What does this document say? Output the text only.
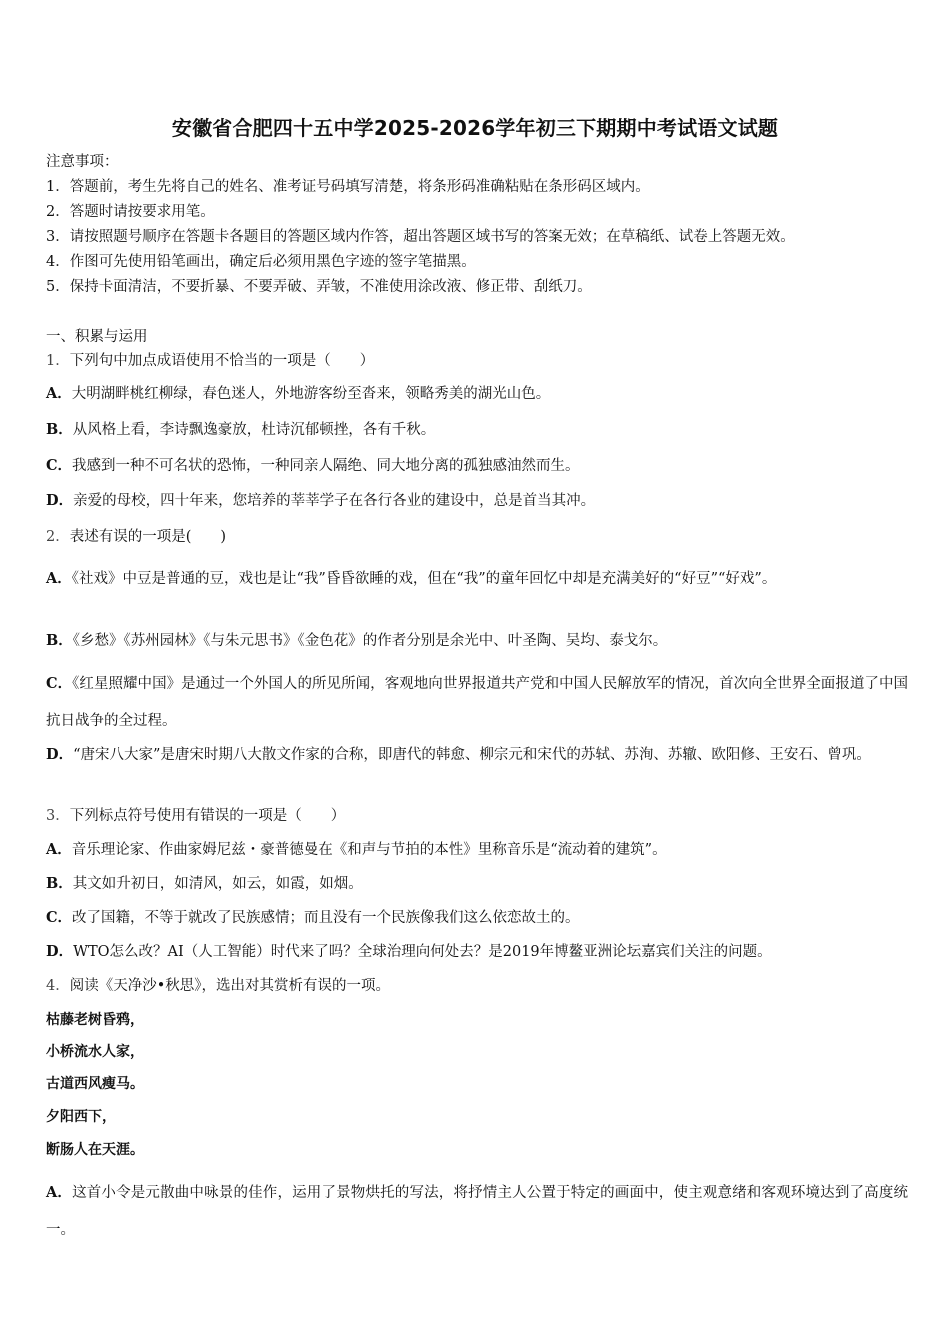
安徽省合肥四十五中学2025-2026学年初三下期期中考试语文试题
注意事项：
1．答题前，考生先将自己的姓名、准考证号码填写清楚，将条形码准确粘贴在条形码区域内。
2．答题时请按要求用笔。
3．请按照题号顺序在答题卡各题目的答题区域内作答，超出答题区域书写的答案无效；在草稿纸、试卷上答题无效。
4．作图可先使用铅笔画出，确定后必须用黑色字迹的签字笔描黑。
5．保持卡面清洁，不要折暴、不要弄破、弄皱，不准使用涂改液、修正带、刮纸刀。
一、积累与运用
1．下列句中加点成语使用不恰当的一项是（　　）
A．大明湖畔桃红柳绿，春色迷人，外地游客纷至沓来，领略秀美的湖光山色。
B．从风格上看，李诗飘逸豪放，杜诗沉郁顿挫，各有千秋。
C．我感到一种不可名状的恐怖，一种同亲人隔绝、同大地分离的孤独感油然而生。
D．亲爱的母校，四十年来，您培养的莘莘学子在各行各业的建设中，总是首当其冲。
2．表述有误的一项是(　　)
A．《社戏》中豆是普通的豆，戏也是让“我”昏昏欲睡的戏，但在“我”的童年回忆中却是充满美好的“好豆”“好戏”。
B．《乡愁》《苏州园林》《与朱元思书》《金色花》的作者分别是余光中、叶圣陶、吴均、泰戈尔。
C．《红星照耀中国》是通过一个外国人的所见所闻，客观地向世界报道共产党和中国人民解放军的情况，首次向全世界全面报道了中国抗日战争的全过程。
D．“唐宋八大家”是唐宋时期八大散文作家的合称，即唐代的韩愈、柳宗元和宋代的苏轼、苏洵、苏辙、欧阳修、王安石、曾巩。
3．下列标点符号使用有错误的一项是（　　）
A．音乐理论家、作曲家姆尼兹・豪普德曼在《和声与节拍的本性》里称音乐是“流动着的建筑”。
B．其文如升初日，如清风，如云，如霞，如烟。
C．改了国籍，不等于就改了民族感情；而且没有一个民族像我们这么依恋故土的。
D．WTO怎么改？AI（人工智能）时代来了吗？全球治理向何处去？是2019年博鳌亚洲论坛嘉宾们关注的问题。
4．阅读《天净沙•秋思》，选出对其赏析有误的一项。
枯藤老树昏鸦，
小桥流水人家，
古道西风瘦马。
夕阳西下，
断肠人在天涯。
A．这首小令是元散曲中咏景的佳作，运用了景物烘托的写法，将抒情主人公置于特定的画面中，使主观意绪和客观环境达到了高度统一。
